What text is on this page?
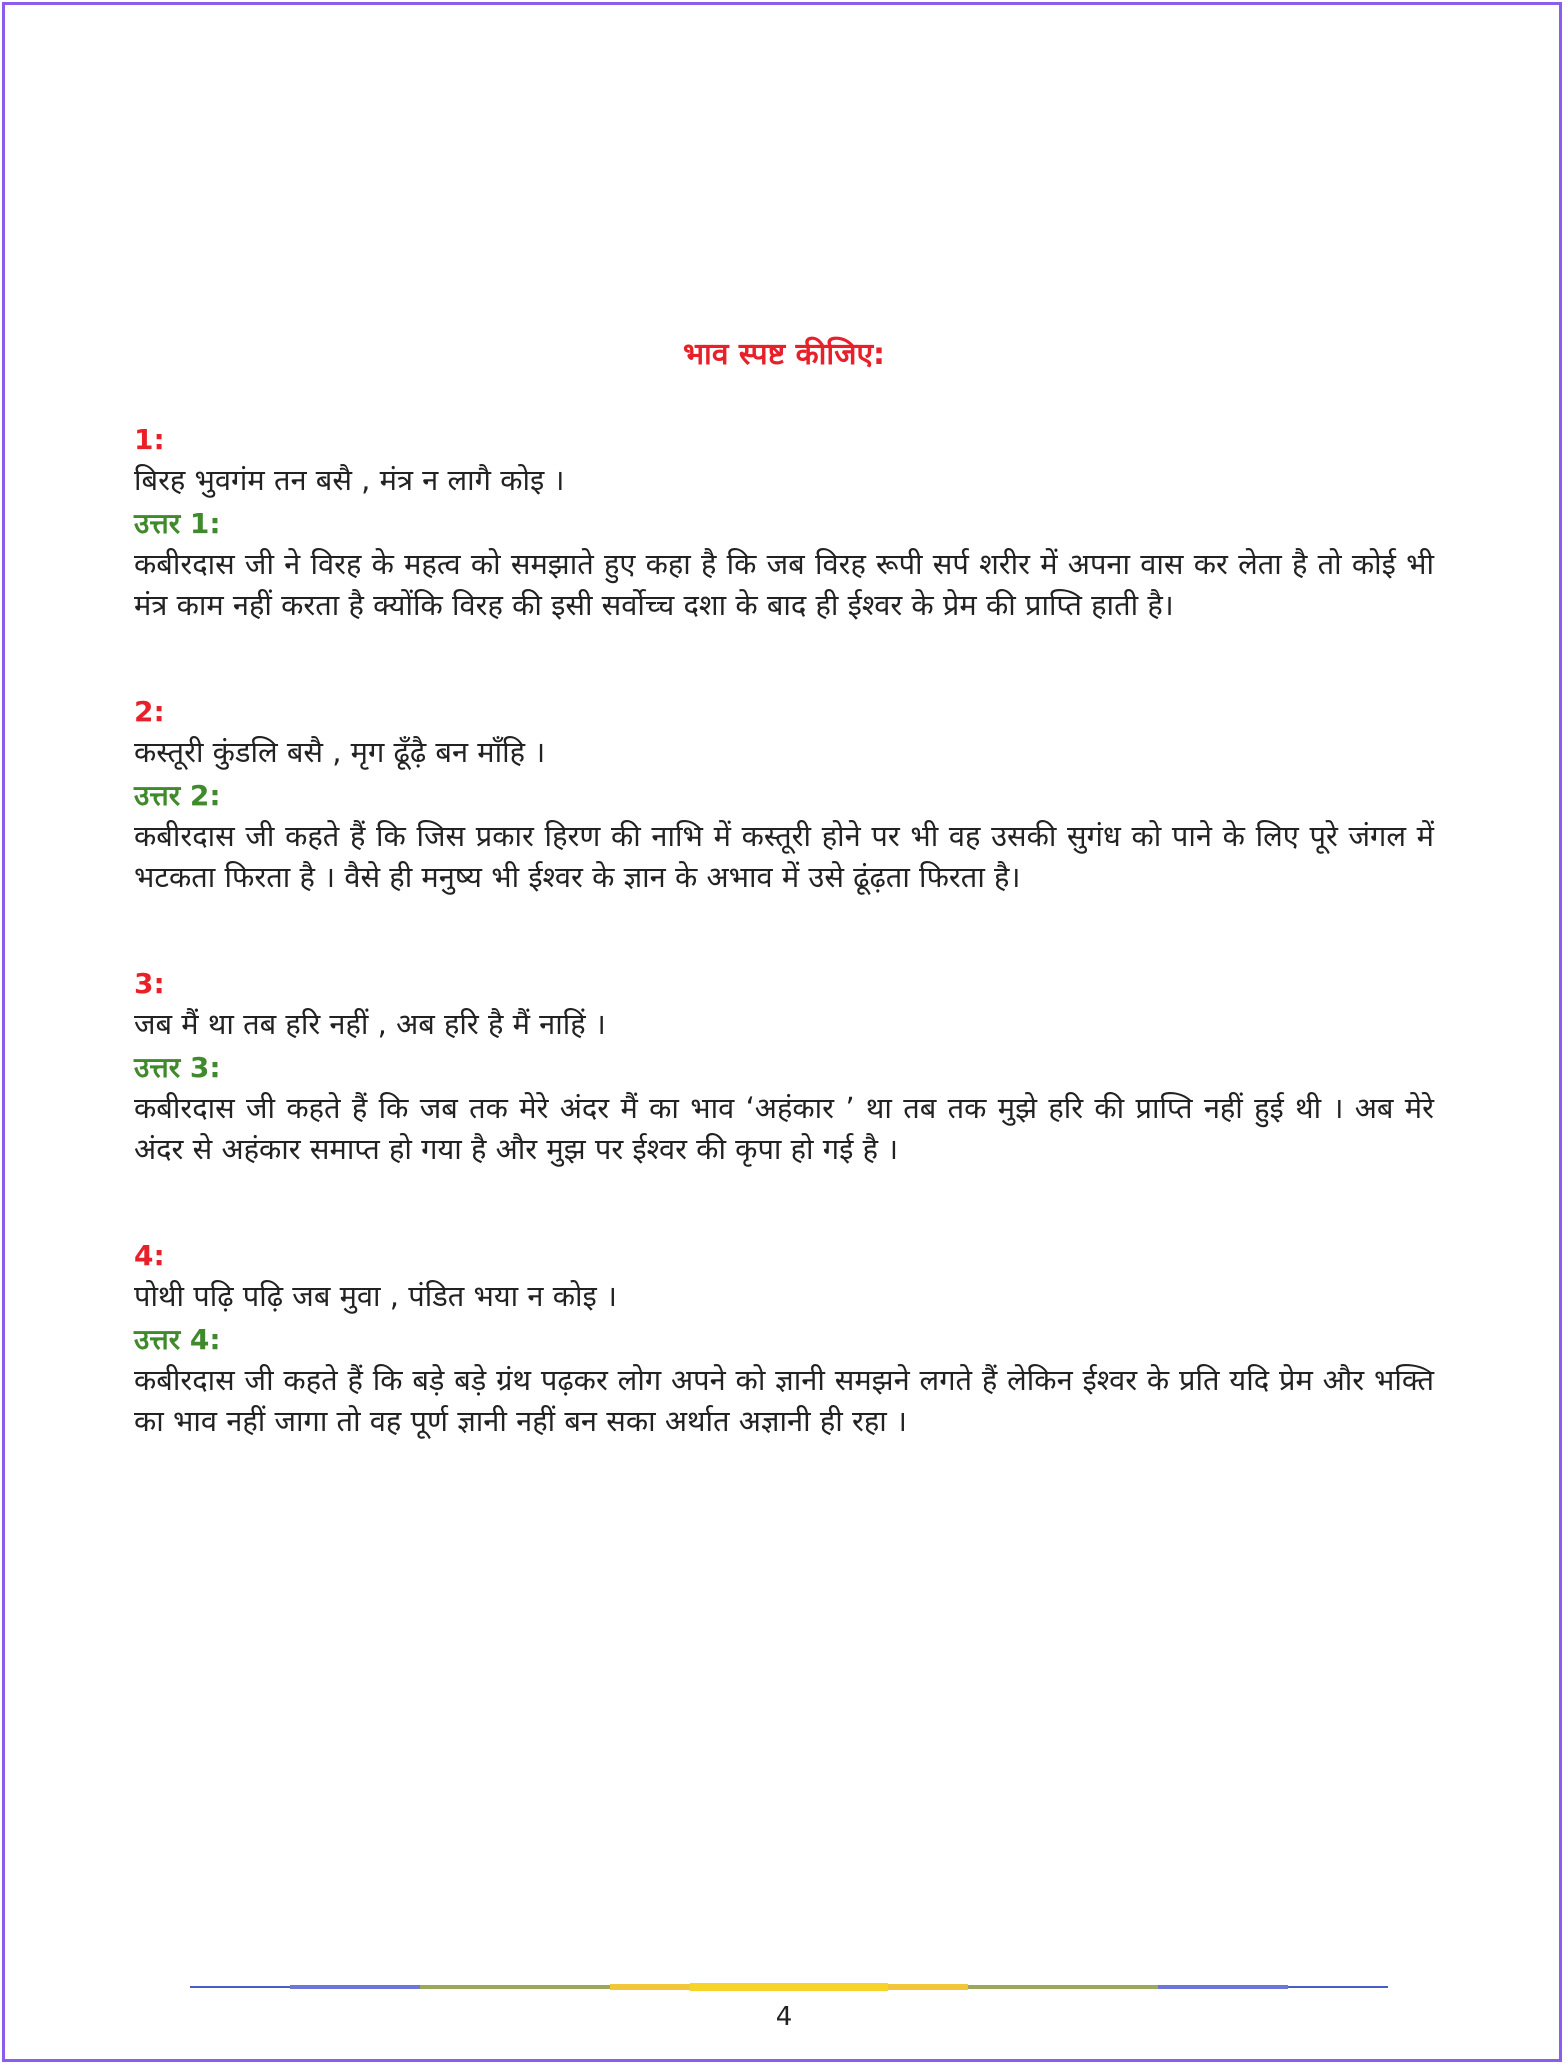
भाव स्पष्ट कीजिए:
1:
बिरह भुवगंम तन बसै , मंत्र न लागै कोइ ।
उत्तर 1:
कबीरदास जी ने विरह के महत्व को समझाते हुए कहा है कि जब विरह रूपी सर्प शरीर में अपना वास कर लेता है तो कोई भी मंत्र काम नहीं करता है क्योंकि विरह की इसी सर्वोच्च दशा के बाद ही ईश्वर के प्रेम की प्राप्ति हाती है।
2:
कस्तूरी कुंडलि बसै , मृग ढूँढ़ै बन माँहि ।
उत्तर 2:
कबीरदास जी कहते हैं कि जिस प्रकार हिरण की नाभि में कस्तूरी होने पर भी वह उसकी सुगंध को पाने के लिए पूरे जंगल में भटकता फिरता है । वैसे ही मनुष्य भी ईश्वर के ज्ञान के अभाव में उसे ढूंढ़ता फिरता है।
3:
जब मैं था तब हरि नहीं , अब हरि है मैं नाहिं ।
उत्तर 3:
कबीरदास जी कहते हैं कि जब तक मेरे अंदर मैं का भाव ‘अहंकार ’ था तब तक मुझे हरि की प्राप्ति नहीं हुई थी । अब मेरे अंदर से अहंकार समाप्त हो गया है और मुझ पर ईश्वर की कृपा हो गई है ।
4:
पोथी पढ़ि पढ़ि जब मुवा , पंडित भया न कोइ ।
उत्तर 4:
कबीरदास जी कहते हैं कि बड़े बड़े ग्रंथ पढ़कर लोग अपने को ज्ञानी समझने लगते हैं लेकिन ईश्वर के प्रति यदि प्रेम और भक्ति का भाव नहीं जागा तो वह पूर्ण ज्ञानी नहीं बन सका अर्थात अज्ञानी ही रहा ।
4
